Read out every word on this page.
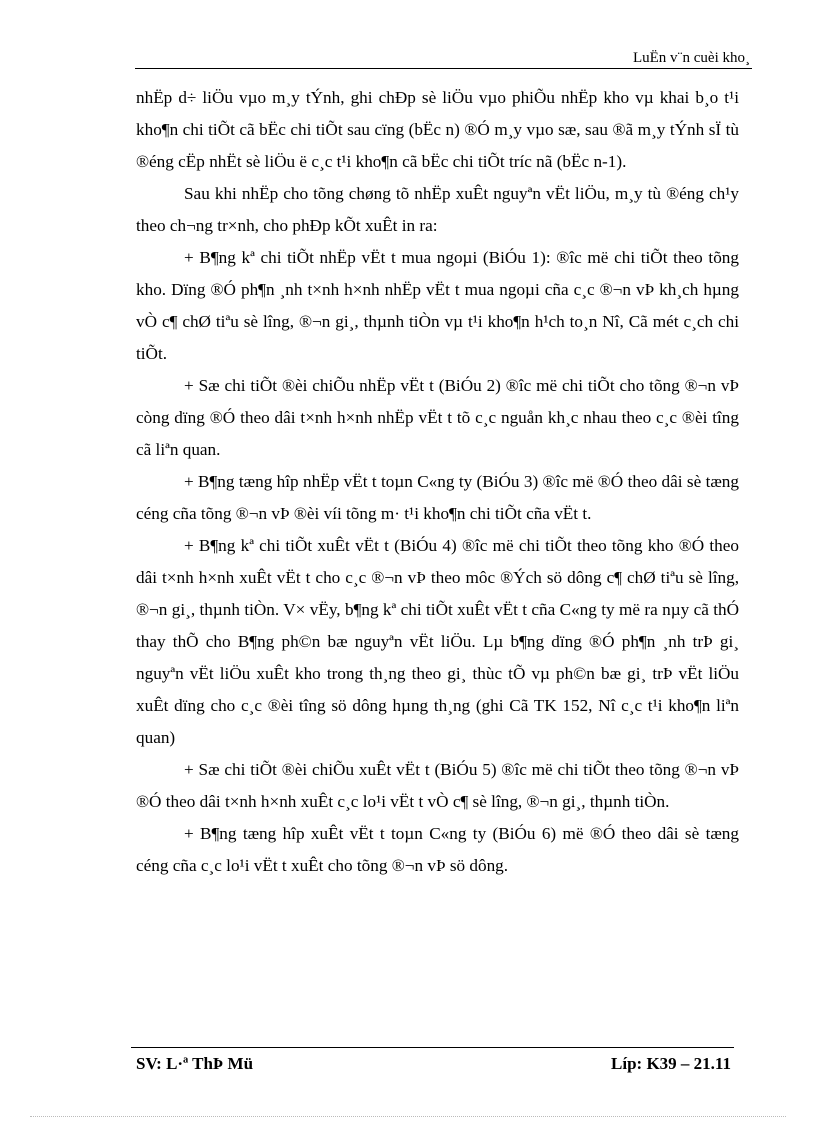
LuËn v¨n cuèi kho¸

nhËp d÷ liÖu vµo m¸y tÝnh, ghi chÐp sè liÖu vµo phiÕu nhËp kho vµ khai b¸o t¹i kho¶n chi tiÕt cã bËc chi tiÕt sau cïng (bËc n) ®Ó m¸y vµo sæ, sau ®ã m¸y tÝnh sÏ tù ®éng cËp nhËt sè liÖu ë c¸c t¹i kho¶n cã bËc chi tiÕt tríc nã (bËc n-1).

Sau khi nhËp cho tõng chøng tõ nhËp xuÊt nguyªn vËt liÖu, m¸y tù ®éng ch¹y theo ch¬ng tr×nh, cho phÐp kÕt xuÊt in ra:

+ B¶ng kª chi tiÕt nhËp vËt t mua ngoµi (BiÓu 1): ®îc më chi tiÕt theo tõng kho. Dïng ®Ó ph¶n ¸nh t×nh h×nh nhËp vËt t mua ngoµi cña c¸c ®¬n vÞ kh¸ch hµng vÒ c¶ chØ tiªu sè lîng, ®¬n gi¸, thµnh tiÒn vµ t¹i kho¶n h¹ch to¸n Nî, Cã mét c¸ch chi tiÕt.

+ Sæ chi tiÕt ®èi chiÕu nhËp vËt t (BiÓu 2) ®îc më chi tiÕt cho tõng ®¬n vÞ còng dïng ®Ó theo dâi t×nh h×nh nhËp vËt t tõ c¸c nguån kh¸c nhau theo c¸c ®èi tîng cã liªn quan.

+ B¶ng tæng hîp nhËp vËt t toµn C«ng ty (BiÓu 3) ®îc më ®Ó theo dâi sè tæng céng cña tõng ®¬n vÞ ®èi víi tõng m· t¹i kho¶n chi tiÕt cña vËt t.

+ B¶ng kª chi tiÕt xuÊt vËt t (BiÓu 4) ®îc më chi tiÕt theo tõng kho ®Ó theo dâi t×nh h×nh xuÊt vËt t cho c¸c ®¬n vÞ theo môc ®Ých sö dông c¶ chØ tiªu sè lîng, ®¬n gi¸, thµnh tiÒn. V× vËy, b¶ng kª chi tiÕt xuÊt vËt t cña C«ng ty më ra nµy cã thÓ thay thÕ cho B¶ng ph©n bæ nguyªn vËt liÖu. Lµ b¶ng dïng ®Ó ph¶n ¸nh trÞ gi¸ nguyªn vËt liÖu xuÊt kho trong th¸ng theo gi¸ thùc tÕ vµ ph©n bæ gi¸ trÞ vËt liÖu xuÊt dïng cho c¸c ®èi tîng sö dông hµng th¸ng (ghi Cã TK 152, Nî c¸c t¹i kho¶n liªn quan)

+ Sæ chi tiÕt ®èi chiÕu xuÊt vËt t (BiÓu 5) ®îc më chi tiÕt theo tõng ®¬n vÞ ®Ó theo dâi t×nh h×nh xuÊt c¸c lo¹i vËt t vÒ c¶ sè lîng, ®¬n gi¸, thµnh tiÒn.

+ B¶ng tæng hîp xuÊt vËt t toµn C«ng ty (BiÓu 6) më ®Ó theo dâi sè tæng céng cña c¸c lo¹i vËt t xuÊt cho tõng ®¬n vÞ sö dông.

SV: L·ª ThÞ Mü	Líp: K39 – 21.11
